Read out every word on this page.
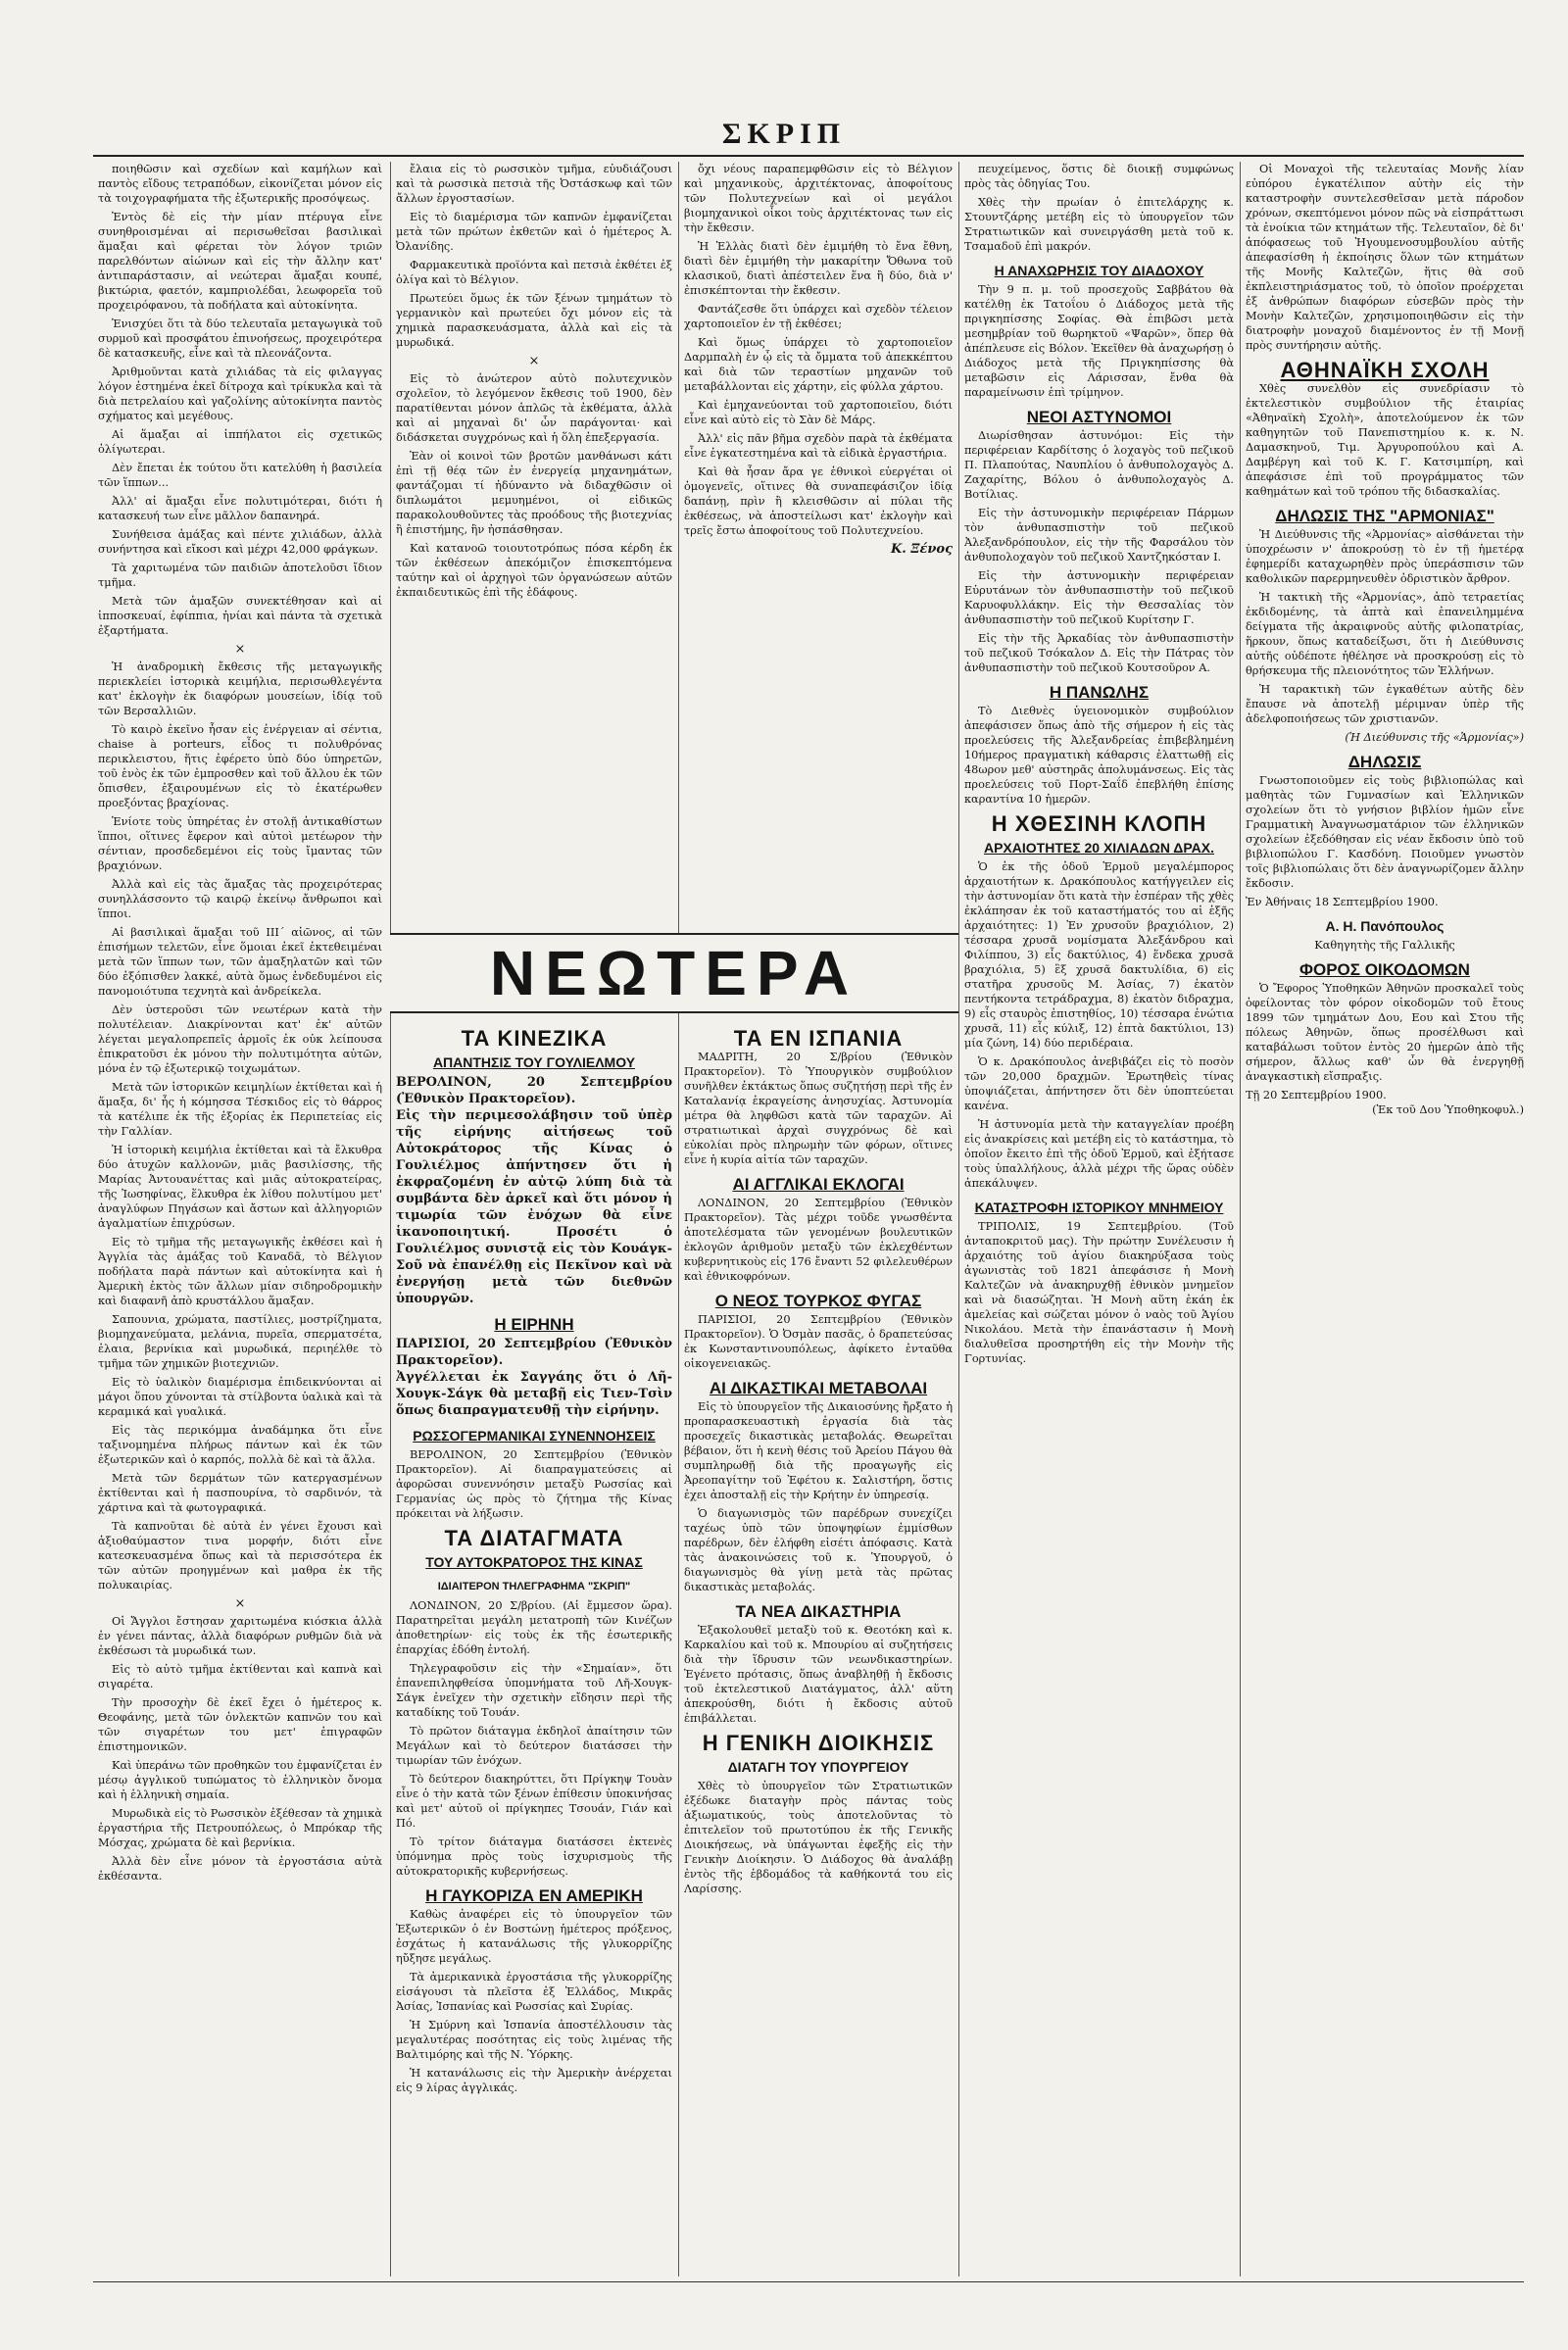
ΣΚΡΙΠ

ποιηθῶσιν καὶ σχεδίων καὶ καμήλων καὶ παντὸς εἴδους τετραπόδων, εἰκονίζεται μόνον εἰς τὰ τοιχογραφήματα τῆς ἐξωτερικῆς προσόψεως.

Ἐντὸς δὲ εἰς τὴν μίαν πτέρυγα εἶνε συνηθροισμέναι αἱ περισωθεῖσαι βασιλικαὶ ἅμαξαι καὶ φέρεται τὸν λόγον τριῶν παρελθόντων αἰώνων καὶ εἰς τὴν ἄλλην κατ' ἀντιπαράστασιν, αἱ νεώτεραι ἅμαξαι κουπέ, βικτώρια, φαετόν, καμπριολέδαι, λεωφορεῖα τοῦ προχειρόφανου, τὰ ποδήλατα καὶ αὐτοκίνητα.

Ἐνισχύει ὅτι τὰ δύο τελευταῖα μεταγωγικὰ τοῦ συρμοῦ καὶ προσφάτου ἐπινοήσεως, προχειρότερα δὲ κατασκευῆς, εἶνε καὶ τὰ πλεονάζοντα.

Ἀριθμοῦνται κατὰ χιλιάδας τὰ εἰς φιλαγγας λόγον ἐστημένα ἐκεῖ δίτροχα καὶ τρίκυκλα καὶ τὰ διὰ πετρελαίου καὶ γαζολίνης αὐτοκίνητα παντὸς σχήματος καὶ μεγέθους.

Αἱ ἅμαξαι αἱ ἱππήλατοι εἰς σχετικῶς ὀλίγωτεραι.

Δὲν ἔπεται ἐκ τούτου ὅτι κατελύθη ἡ βασιλεία τῶν ἵππων...

Ἀλλ' αἱ ἅμαξαι εἶνε πολυτιμότεραι, διότι ἡ κατασκευή των εἶνε μᾶλλον δαπανηρά.

Συνήθεισα ἁμάξας καὶ πέντε χιλιάδων, ἀλλὰ συνήντησα καὶ εἴκοσι καὶ μέχρι 42,000 φράγκων.

Τὰ χαριτωμένα τῶν παιδιῶν ἀποτελοῦσι ἴδιον τμῆμα.

Μετὰ τῶν ἁμαξῶν συνεκτέθησαν καὶ αἱ ἱπποσκευαί, ἐφίππια, ἡνίαι καὶ πάντα τὰ σχετικὰ ἐξαρτήματα.

×

Ἡ ἀναδρομικὴ ἔκθεσις τῆς μεταγωγικῆς περιεκλείει ἱστορικὰ κειμήλια, περισωθλεγέντα κατ' ἐκλογὴν ἐκ διαφόρων μουσείων, ἰδίᾳ τοῦ τῶν Βερσαλλιῶν.

Τὸ καιρὸ ἐκεῖνο ἦσαν εἰς ἐνέργειαν αἱ σέντια, chaise à porteurs, εἶδος τι πολυθρόνας περικλειστου, ἥτις ἐφέρετο ὑπὸ δύο ὑπηρετῶν, τοῦ ἑνὸς ἐκ τῶν ἐμπροσθεν καὶ τοῦ ἄλλου ἐκ τῶν ὄπισθεν, ἐξαιρουμένων εἰς τὸ ἑκατέρωθεν προεξόντας βραχίονας.

Ἐνίοτε τοὺς ὑπηρέτας ἐν στολῇ ἀντικαθίστων ἵπποι, οἵτινες ἔφερον καὶ αὐτοὶ μετέωρον τὴν σέντιαν, προσδεδεμένοι εἰς τοὺς ἴμαντας τῶν βραχιόνων.

Ἀλλὰ καὶ εἰς τὰς ἅμαξας τὰς προχειρότερας συνηλλάσσοντο τῷ καιρῷ ἐκείνῳ ἄνθρωποι καὶ ἵπποι.

Αἱ βασιλικαὶ ἅμαξαι τοῦ ΙΙΙ΄ αἰῶνος, αἱ τῶν ἐπισήμων τελετῶν, εἶνε ὅμοιαι ἐκεῖ ἐκτεθειμέναι μετὰ τῶν ἵππων των, τῶν ἀμαξηλατῶν καὶ τῶν δύο ἐξόπισθεν λακκέ, αὐτὰ ὅμως ἐνδεδυμένοι εἰς πανομοιότυπα τεχνητὰ καὶ ἀνδρείκελα.

Δὲν ὑστεροῦσι τῶν νεωτέρων κατὰ τὴν πολυτέλειαν. Διακρίνονται κατ' ἐκ' αὐτῶν λέγεται μεγαλοπρεπεῖς ἁρμοῖς ἐκ οὐκ λείπουσα ἐπικρατοῦσι ἐκ μόνου τὴν πολυτιμότητα αὐτῶν, μόνα ἐν τῷ ἐξωτερικῷ τοιχωμάτων.

Μετὰ τῶν ἱστορικῶν κειμηλίων ἐκτίθεται καὶ ἡ ἅμαξα, δι' ἧς ἡ κόμησσα Τέσκιδος εἰς τὸ θάρρος τὰ κατέλιπε ἐκ τῆς ἐξορίας ἐκ Περιπετείας εἰς τὴν Γαλλίαν.

Ἡ ἱστορικὴ κειμήλια ἐκτίθεται καὶ τὰ ἔλκυθρα δύο ἀτυχῶν καλλονῶν, μιᾶς βασιλίσσης, τῆς Μαρίας Ἀντουανέττας καὶ μιᾶς αὐτοκρατείρας, τῆς Ἰωσηφίνας, ἕλκυθρα ἐκ λίθου πολυτίμου μετ' ἀναγλύφων Πηγάσων καὶ ἄστων καὶ ἀλληγοριῶν ἀγαλματίων ἐπιχρύσων.

Εἰς τὸ τμῆμα τῆς μεταγωγικῆς ἐκθέσει καὶ ἡ Ἀγγλία τὰς ἁμάξας τοῦ Καναδᾶ, τὸ Βέλγιον ποδήλατα παρὰ πάντων καὶ αὐτοκίνητα καὶ ἡ Ἀμερικὴ ἐκτὸς τῶν ἄλλων μίαν σιδηροδρομικὴν καὶ διαφανῆ ἀπὸ κρυστάλλου ἅμαξαν.

Σαπουνια, χρώματα, παστίλιες, μοστρίζηματα, βιομηχανεύματα, μελάνια, πυρεῖα, σπερματσέτα, ἐλαια, βερνίκια καὶ μυρωδικά, περιηέλθε τὸ τμῆμα τῶν χημικῶν βιοτεχνιῶν.

Εἰς τὸ ὑαλικὸν διαμέρισμα ἐπιδεικνύονται αἱ μάγοι ὅπου χύνονται τὰ στίλβοντα ὑαλικὰ καὶ τὰ κεραμικά καὶ γυαλικά.

Εἰς τὰς περικόμμα ἀναδάμηκα ὅτι εἶνε ταξινομημένα πλήρως πάντων καὶ ἐκ τῶν ἐξωτερικῶν καὶ ὁ καρπός, πολλὰ δὲ καὶ τὰ ἄλλα.

Μετὰ τῶν δερμάτων τῶν κατεργασμένων ἐκτίθενται καὶ ἡ πασπουρίνα, τὸ σαρδινόν, τὰ χάρτινα καὶ τὰ φωτογραφικά.

Τὰ καπνοῦται δὲ αὐτὰ ἐν γένει ἔχουσι καὶ ἀξιοθαύμαστον τινα μορφήν, διότι εἶνε κατεσκευασμένα ὅπως καὶ τὰ περισσότερα ἐκ τῶν αὐτῶν προηγμένων καὶ μαθρα ἐκ τῆς πολυκαιρίας.

×

Οἱ Ἄγγλοι ἔστησαν χαριτωμένα κιόσκια ἀλλὰ ἐν γένει πάντας, ἀλλὰ διαφόρων ρυθμῶν διὰ νὰ ἐκθέσωσι τὰ μυρωδικά των.

Εἰς τὸ αὐτὸ τμῆμα ἐκτίθενται καὶ καπνὰ καὶ σιγαρέτα.

Τὴν προσοχὴν δὲ ἐκεῖ ἔχει ὁ ἡμέτερος κ. Θεοφάνης, μετὰ τῶν ὀνλεκτῶν καπνῶν του καὶ τῶν σιγαρέτων του μετ' ἐπιγραφῶν ἐπιστημονικῶν.

Καὶ ὑπεράνω τῶν προθηκῶν του ἐμφανίζεται ἐν μέσῳ ἀγγλικοῦ τυπώματος τὸ ἑλληνικὸν ὄνομα καὶ ἡ ἑλληνικὴ σημαία.

Μυρωδικὰ εἰς τὸ Ρωσσικὸν ἐξέθεσαν τὰ χημικὰ ἐργαστήρια τῆς Πετρουπόλεως, ὁ Μπρόκαρ τῆς Μόσχας, χρώματα δὲ καὶ βερνίκια.

Ἀλλὰ δὲν εἶνε μόνον τὰ ἐργοστάσια αὐτὰ ἐκθέσαντα.

ἔλαια εἰς τὸ ρωσσικὸν τμῆμα, εὐυδιάζουσι καὶ τὰ ρωσσικὰ πετσιὰ τῆς Ὀστάσκωφ καὶ τῶν ἄλλων ἐργοστασίων.

Εἰς τὸ διαμέρισμα τῶν καπνῶν ἐμφανίζεται μετὰ τῶν πρώτων ἐκθετῶν καὶ ὁ ἡμέτερος Ἀ. Ὀλανίδης.

Φαρμακευτικὰ προϊόντα καὶ πετσιὰ ἐκθέτει ἐξ ὀλίγα καὶ τὸ Βέλγιον.

Πρωτεύει ὅμως ἐκ τῶν ξένων τμημάτων τὸ γερμανικὸν καὶ πρωτεύει ὄχι μόνον εἰς τὰ χημικὰ παρασκευάσματα, ἀλλὰ καὶ εἰς τὰ μυρωδικά.

×

Εἰς τὸ ἀνώτερον αὐτὸ πολυτεχνικὸν σχολεῖον, τὸ λεγόμενον ἔκθεσις τοῦ 1900, δὲν παρατίθενται μόνον ἁπλῶς τὰ ἐκθέματα, ἀλλὰ καὶ αἱ μηχαναὶ δι' ὧν παράγονται· καὶ διδάσκεται συγχρόνως καὶ ἡ ὅλη ἐπεξεργασία.

Ἐὰν οἱ κοινοὶ τῶν βροτῶν μανθάνωσι κάτι ἐπὶ τῇ θέᾳ τῶν ἐν ἐνεργείᾳ μηχανημάτων, φαντάζομαι τί ἠδύναντο νὰ διδαχθῶσιν οἱ διπλωμάτοι μεμυημένοι, οἱ εἰδικῶς παρακολουθοῦντες τὰς προόδους τῆς βιοτεχνίας ἢ ἐπιστήμης, ἣν ἠσπάσθησαν.

Καὶ κατανοῶ τοιουτοτρόπως πόσα κέρδη ἐκ τῶν ἐκθέσεων ἀπεκόμιζον ἐπισκεπτόμενα ταύτην καὶ οἱ ἀρχηγοὶ τῶν ὀργανώσεων αὐτῶν ἐκπαιδευτικῶς ἐπὶ τῆς ἑδάφους.

ΤΑ ΚΙΝΕΖΙΚΑ
ΑΠΑΝΤΗΣΙΣ ΤΟΥ ΓΟΥΛΙΕΛΜΟΥ
ΒΕΡΟΛΙΝΟΝ, 20 Σεπτεμβρίου (Ἐθνικὸν Πρακτορεῖον).
Εἰς τὴν περιμεσολάβησιν τοῦ ὑπὲρ τῆς εἰρήνης αἰτήσεως τοῦ Αὐτοκράτορος τῆς Κίνας ὁ Γουλιέλμος ἀπήντησεν ὅτι ἡ ἐκφραζομένη ἐν αὐτῷ λύπη διὰ τὰ συμβάντα δὲν ἀρκεῖ καὶ ὅτι μόνον ἡ τιμωρία τῶν ἐνόχων θὰ εἶνε ἱκανοποιητική. Προσέτι ὁ Γουλιέλμος συνιστᾷ εἰς τὸν Κουάγκ-Σοῦ νὰ ἐπανέλθῃ εἰς Πεκῖνον καὶ νὰ ἐνεργήσῃ μετὰ τῶν διεθνῶν ὑπουργῶν.
Η ΕΙΡΗΝΗ
ΠΑΡΙΣΙΟΙ, 20 Σεπτεμβρίου (Ἐθνικὸν Πρακτορεῖον).
Ἀγγέλλεται ἐκ Σαγγάης ὅτι ὁ Λῆ-Χουγκ-Σάγκ θὰ μεταβῇ εἰς Τιεν-Τσὶν ὅπως διαπραγματευθῇ τὴν εἰρήνην.
ΡΩΣΣΟΓΕΡΜΑΝΙΚΑΙ ΣΥΝΕΝΝΟΗΣΕΙΣ

ΒΕΡΟΛΙΝΟΝ, 20 Σεπτεμβρίου (Ἐθνικὸν Πρακτορεῖον). Αἱ διαπραγματεύσεις αἱ ἀφορῶσαι συνεννόησιν μεταξὺ Ρωσσίας καὶ Γερμανίας ὡς πρὸς τὸ ζήτημα τῆς Κίνας πρόκειται νὰ λήξωσιν.

ΤΑ ΔΙΑΤΑΓΜΑΤΑ
ΤΟΥ ΑΥΤΟΚΡΑΤΟΡΟΣ ΤΗΣ ΚΙΝΑΣ
ΙΔΙΑΙΤΕΡΟΝ ΤΗΛΕΓΡΑΦΗΜΑ "ΣΚΡΙΠ"

ΛΟΝΔΙΝΟΝ, 20 Σ/βρίου. (Αἱ ἔμμεσον ὥρα). Παρατηρεῖται μεγάλη μετατροπὴ τῶν Κινέζων ἀποθετηρίων· εἰς τοὺς ἐκ τῆς ἐσωτερικῆς ἐπαρχίας ἐδόθη ἐντολή.

Τηλεγραφοῦσιν εἰς τὴν «Σημαίαν», ὅτι ἐπανεπιληφθείσα ὑπομνήματα τοῦ Λῆ-Χουγκ-Σάγκ ἐνεῖχεν τὴν σχετικὴν εἴδησιν περὶ τῆς καταδίκης τοῦ Τουάν.

Τὸ πρῶτον διάταγμα ἐκδηλοῖ ἀπαίτησιν τῶν Μεγάλων καὶ τὸ δεύτερον διατάσσει τὴν τιμωρίαν τῶν ἐνόχων.

Τὸ δεύτερον διακηρύττει, ὅτι Πρίγκηψ Τουὰν εἶνε ὁ τὴν κατὰ τῶν ξένων ἐπίθεσιν ὑποκινήσας καὶ μετ' αὐτοῦ οἱ πρίγκηπες Τσουάν, Γιάν καὶ Πό.

Τὸ τρίτον διάταγμα διατάσσει ἐκτενὲς ὑπόμνημα πρὸς τοὺς ἰσχυρισμοὺς τῆς αὐτοκρατορικῆς κυβερνήσεως.

Η ΓΑΥΚΟΡΙΖΑ ΕΝ ΑΜΕΡΙΚΗ

Καθὼς ἀναφέρει εἰς τὸ ὑπουργεῖον τῶν Ἐξωτερικῶν ὁ ἐν Βοστώνῃ ἡμέτερος πρόξενος, ἐσχάτως ἡ κατανάλωσις τῆς γλυκορρίζης ηὔξησε μεγάλως.

Τὰ ἀμερικανικὰ ἐργοστάσια τῆς γλυκορρίζης εἰσάγουσι τὰ πλεῖστα ἐξ Ἑλλάδος, Μικρᾶς Ἀσίας, Ἰσπανίας καὶ Ρωσσίας καὶ Συρίας.

Ἡ Σμύρνη καὶ Ἰσπανία ἀποστέλλουσιν τὰς μεγαλυτέρας ποσότητας εἰς τοὺς λιμένας τῆς Βαλτιμόρης καὶ τῆς Ν. Ὑόρκης.

Ἡ κατανάλωσις εἰς τὴν Ἀμερικὴν ἀνέρχεται εἰς 9 λίρας ἀγγλικάς.

ὄχι νέους παραπεμφθῶσιν εἰς τὸ Βέλγιον καὶ μηχανικοὺς, ἀρχιτέκτονας, ἀποφοίτους τῶν Πολυτεχνείων καὶ οἱ μεγάλοι βιομηχανικοὶ οἶκοι τοὺς ἀρχιτέκτονας των εἰς τὴν ἔκθεσιν.

Ἡ Ἑλλὰς διατὶ δὲν ἐμιμήθη τὸ ἔνα ἔθνη, διατὶ δὲν ἐμιμήθη τὴν μακαρίτην Ὄθωνα τοῦ κλασικοῦ, διατὶ ἀπέστειλεν ἕνα ἢ δύο, διὰ ν' ἐπισκέπτονται τὴν ἔκθεσιν.

Φαντάζεσθε ὅτι ὑπάρχει καὶ σχεδὸν τέλειον χαρτοποιεῖον ἐν τῇ ἐκθέσει;

Καὶ ὅμως ὑπάρχει τὸ χαρτοποιεῖον Δαρμπαλὴ ἐν ᾧ εἰς τὰ ὄμματα τοῦ ἀπεκκέπτου καὶ διὰ τῶν τεραστίων μηχανῶν τοῦ μεταβάλλονται εἰς χάρτην, εἰς φύλλα χάρτου.

Καὶ ἐμηχανεύονται τοῦ χαρτοποιεῖου, διότι εἶνε καὶ αὐτὸ εἰς τὸ Σὰν δὲ Μάρς.

Ἀλλ' εἰς πᾶν βῆμα σχεδὸν παρὰ τὰ ἐκθέματα εἶνε ἐγκατεστημένα καὶ τὰ εἰδικὰ ἐργαστήρια.

Καὶ θὰ ἦσαν ἄρα γε ἐθνικοὶ εὐεργέται οἱ ὁμογενεῖς, οἵτινες θὰ συναπεφάσιζον ἰδίᾳ δαπάνῃ, πρὶν ἢ κλεισθῶσιν αἱ πύλαι τῆς ἐκθέσεως, νὰ ἀποστείλωσι κατ' ἐκλογὴν καὶ τρεῖς ἔστω ἀποφοίτους τοῦ Πολυτεχνείου.

Κ. Ξένος
ΤΑ ΕΝ ΙΣΠΑΝΙΑ

ΜΑΔΡΙΤΗ, 20 Σ/βρίου (Ἐθνικὸν Πρακτορεῖον). Τὸ Ὑπουργικὸν συμβούλιον συνῆλθεν ἐκτάκτως ὅπως συζητήσῃ περὶ τῆς ἐν Καταλανίᾳ ἐκραγείσης ἀνησυχίας. Ἀστυνομία μέτρα θὰ ληφθῶσι κατὰ τῶν ταραχῶν. Αἱ στρατιωτικαὶ ἀρχαὶ συγχρόνως δὲ καὶ εὐκολίαι πρὸς πληρωμὴν τῶν φόρων, οἵτινες εἶνε ἡ κυρία αἰτία τῶν ταραχῶν.

ΑΙ ΑΓΓΛΙΚΑΙ ΕΚΛΟΓΑΙ

ΛΟΝΔΙΝΟΝ, 20 Σεπτεμβρίου (Ἐθνικὸν Πρακτορεῖον). Τὰς μέχρι τοῦδε γνωσθέντα ἀποτελέσματα τῶν γενομένων βουλευτικῶν ἐκλογῶν ἀριθμοῦν μεταξὺ τῶν ἐκλεχθέντων κυβερνητικοὺς εἰς 176 ἔναντι 52 φιλελευθέρων καὶ ἐθνικοφρόνων.

Ο ΝΕΟΣ ΤΟΥΡΚΟΣ ΦΥΓΑΣ

ΠΑΡΙΣΙΟΙ, 20 Σεπτεμβρίου (Ἐθνικὸν Πρακτορεῖον). Ὁ Ὀσμὰν πασᾶς, ὁ δραπετεύσας ἐκ Κωνσταντινουπόλεως, ἀφίκετο ἐνταῦθα οἰκογενειακῶς.

ΑΙ ΔΙΚΑΣΤΙΚΑΙ ΜΕΤΑΒΟΛΑΙ

Εἰς τὸ ὑπουργεῖον τῆς Δικαιοσύνης ἤρξατο ἡ προπαρασκευαστικὴ ἐργασία διὰ τὰς προσεχεῖς δικαστικὰς μεταβολάς. Θεωρεῖται βέβαιον, ὅτι ἡ κενὴ θέσις τοῦ Ἀρείου Πάγου θὰ συμπληρωθῇ διὰ τῆς προαγωγῆς εἰς Ἀρεοπαγίτην τοῦ Ἐφέτου κ. Σαλιστήρη, ὅστις ἐχει ἀποσταλῇ εἰς τὴν Κρήτην ἐν ὑπηρεσίᾳ.

Ὁ διαγωνισμὸς τῶν παρέδρων συνεχίζει ταχέως ὑπὸ τῶν ὑποψηφίων ἐμμίσθων παρέδρων, δὲν ἐλήφθη εἰσέτι ἀπόφασις. Κατὰ τὰς ἀνακοινώσεις τοῦ κ. Ὑπουργοῦ, ὁ διαγωνισμὸς θὰ γίνῃ μετὰ τὰς πρῶτας δικαστικὰς μεταβολάς.

ΤΑ ΝΕΑ ΔΙΚΑΣΤΗΡΙΑ

Ἐξακολουθεῖ μεταξὺ τοῦ κ. Θεοτόκη καὶ κ. Καρκαλίου καὶ τοῦ κ. Μπουρίου αἱ συζητήσεις διὰ τὴν ἵδρυσιν τῶν νεωνδικαστηρίων. Ἐγένετο πρότασις, ὅπως ἀναβληθῇ ἡ ἔκδοσις τοῦ ἐκτελεστικοῦ Διατάγματος, ἀλλ' αὕτη ἀπεκρούσθη, διότι ἡ ἔκδοσις αὐτοῦ ἐπιβάλλεται.

Η ΓΕΝΙΚΗ ΔΙΟΙΚΗΣΙΣ
ΔΙΑΤΑΓΗ ΤΟΥ ΥΠΟΥΡΓΕΙΟΥ

Χθὲς τὸ ὑπουργεῖον τῶν Στρατιωτικῶν ἐξέδωκε διαταγὴν πρὸς πάντας τοὺς ἀξιωματικούς, τοὺς ἀποτελοῦντας τὸ ἐπιτελεῖον τοῦ πρωτοτύπου ἐκ τῆς Γενικῆς Διοικήσεως, νὰ ὑπάγωνται ἐφεξῆς εἰς τὴν Γενικὴν Διοίκησιν. Ὁ Διάδοχος θὰ ἀναλάβῃ ἐντὸς τῆς ἑβδομάδος τὰ καθήκοντά του εἰς Λαρίσσης.

πευχείμενος, ὅστις δὲ διοικῇ συμφώνως πρὸς τὰς ὁδηγίας Του.

Χθὲς τὴν πρωίαν ὁ ἐπιτελάρχης κ. Στουντζάρης μετέβη εἰς τὸ ὑπουργεῖον τῶν Στρατιωτικῶν καὶ συνειργάσθη μετὰ τοῦ κ. Τσαμαδοῦ ἐπὶ μακρόν.

Η ΑΝΑΧΩΡΗΣΙΣ ΤΟΥ ΔΙΑΔΟΧΟΥ

Τὴν 9 π. μ. τοῦ προσεχοῦς Σαββάτου θὰ κατέλθῃ ἐκ Τατοΐου ὁ Διάδοχος μετὰ τῆς πριγκηπίσσης Σοφίας. Θὰ ἐπιβῶσι μετὰ μεσημβρίαν τοῦ θωρηκτοῦ «Ψαρῶν», ὅπερ θὰ ἀπέπλευσε εἰς Βόλον. Ἐκεῖθεν θὰ ἀναχωρήσῃ ὁ Διάδοχος μετὰ τῆς Πριγκηπίσσης θὰ μεταβῶσιν εἰς Λάρισσαν, ἔνθα θὰ παραμείνωσιν ἐπὶ τρίμηνον.

ΝΕΟΙ ΑΣΤΥΝΟΜΟΙ

Διωρίσθησαν ἀστυνόμοι: Εἰς τὴν περιφέρειαν Καρδίτσης ὁ λοχαγὸς τοῦ πεζικοῦ Π. Πλαπούτας, Ναυπλίου ὁ ἀνθυπολοχαγὸς Δ. Ζαχαρίτης, Βόλου ὁ ἀνθυπολοχαγὸς Δ. Βοτίλιας.

Εἰς τὴν ἀστυνομικὴν περιφέρειαν Πάρμων τὸν ἀνθυπασπιστὴν τοῦ πεζικοῦ Ἀλεξανδρόπουλον, εἰς τὴν τῆς Φαρσάλου τὸν ἀνθυπολοχαγὸν τοῦ πεζικοῦ Χαντζηκόσταν Ι.

Εἰς τὴν ἀστυνομικὴν περιφέρειαν Εὐρυτάνων τὸν ἀνθυπασπιστὴν τοῦ πεζικοῦ Καρυοφυλλάκην. Εἰς τὴν Θεσσαλίας τὸν ἀνθυπασπιστὴν τοῦ πεζικοῦ Κυρίτσην Γ.

Εἰς τὴν τῆς Ἀρκαδίας τὸν ἀνθυπασπιστὴν τοῦ πεζικοῦ Τσόκαλον Δ. Εἰς τὴν Πάτρας τὸν ἀνθυπασπιστὴν τοῦ πεζικοῦ Κουτσοῦρον Α.

Η ΠΑΝΩΛΗΣ

Τὸ Διεθνὲς ὑγειονομικὸν συμβούλιον ἀπεφάσισεν ὅπως ἀπὸ τῆς σήμερον ἡ εἰς τὰς προελεύσεις τῆς Ἀλεξανδρείας ἐπιβεβλημένη 10ήμερος πραγματικὴ κάθαρσις ἐλαττωθῇ εἰς 48ωρον μεθ' αὐστηρᾶς ἀπολυμάνσεως. Εἰς τὰς προελεύσεις τοῦ Πορτ-Σαΐδ ἐπεβλήθη ἐπίσης καραντίνα 10 ἡμερῶν.

Η ΧΘΕΣΙΝΗ ΚΛΟΠΗ
ΑΡΧΑΙΟΤΗΤΕΣ 20 ΧΙΛΙΑΔΩΝ ΔΡΑΧ.

Ὁ ἐκ τῆς ὁδοῦ Ἑρμοῦ μεγαλέμπορος ἀρχαιοτήτων κ. Δρακόπουλος κατήγγειλεν εἰς τὴν ἀστυνομίαν ὅτι κατὰ τὴν ἑσπέραν τῆς χθὲς ἐκλάπησαν ἐκ τοῦ καταστήματός του αἱ ἑξῆς ἀρχαιότητες: 1) Ἐν χρυσοῦν βραχιόλιον, 2) τέσσαρα χρυσᾶ νομίσματα Ἀλεξάνδρου καὶ Φιλίππου, 3) εἷς δακτύλιος, 4) ἕνδεκα χρυσᾶ βραχιόλια, 5) ἓξ χρυσᾶ δακτυλίδια, 6) εἰς στατῆρα χρυσοῦς Μ. Ἀσίας, 7) ἑκατὸν πεντήκοντα τετράδραχμα, 8) ἐκατὸν διδραχμα, 9) εἷς σταυρὸς ἐπιστηθίος, 10) τέσσαρα ἐνώτια χρυσᾶ, 11) εἷς κύλιξ, 12) ἑπτὰ δακτύλιοι, 13) μία ζώνη, 14) δύο περιδέραια.

Ὁ κ. Δρακόπουλος ἀνεβιβάζει εἰς τὸ ποσὸν τῶν 20,000 δραχμῶν. Ἐρωτηθεὶς τίνας ὑποψιάζεται, ἀπήντησεν ὅτι δὲν ὑποπτεύεται κανένα.

Ἡ ἀστυνομία μετὰ τὴν καταγγελίαν προέβη εἰς ἀνακρίσεις καὶ μετέβη εἰς τὸ κατάστημα, τὸ ὁποῖον ἔκειτο ἐπὶ τῆς ὁδοῦ Ἑρμοῦ, καὶ ἐξήτασε τοὺς ὑπαλλήλους, ἀλλὰ μέχρι τῆς ὥρας οὐδὲν ἀπεκάλυψεν.

ΚΑΤΑΣΤΡΟΦΗ ΙΣΤΟΡΙΚΟΥ ΜΝΗΜΕΙΟΥ

ΤΡΙΠΟΛΙΣ, 19 Σεπτεμβρίου. (Τοῦ ἀνταποκριτοῦ μας). Τὴν πρώτην Συνέλευσιν ἡ ἀρχαιότης τοῦ ἁγίου διακηρύξασα τοὺς ἀγωνιστὰς τοῦ 1821 ἀπεφάσισε ἡ Μονὴ Καλτεζῶν νὰ ἀνακηρυχθῇ ἐθνικὸν μνημεῖον καὶ νὰ διασώζηται. Ἡ Μονὴ αὕτη ἐκάη ἐκ ἀμελείας καὶ σώζεται μόνον ὁ ναὸς τοῦ Ἁγίου Νικολάου. Μετὰ τὴν ἐπανάστασιν ἡ Μονὴ διαλυθεῖσα προσηρτήθη εἰς τὴν Μονὴν τῆς Γορτυνίας.

Οἱ Μοναχοὶ τῆς τελευταίας Μονῆς λίαν εὐπόρου ἐγκατέλιπον αὐτὴν εἰς τὴν καταστροφὴν συντελεσθεῖσαν μετὰ πάροδον χρόνων, σκεπτόμενοι μόνον πῶς νὰ εἰσπράττωσι τὰ ἐνοίκια τῶν κτημάτων τῆς. Τελευταῖον, δὲ δι' ἀπόφασεως τοῦ Ἡγουμενοσυμβουλίου αὐτῆς ἀπεφασίσθη ἡ ἐκποίησις ὅλων τῶν κτημάτων τῆς Μονῆς Καλτεζῶν, ἥτις θὰ σοῦ ἐκπλειστηριάσματος τοῦ, τὸ ὁποῖον προέρχεται ἐξ ἀνθρώπων διαφόρων εὐσεβῶν πρὸς τὴν Μονὴν Καλτεζῶν, χρησιμοποιηθῶσιν εἰς τὴν διατροφὴν μοναχοῦ διαμένοντος ἐν τῇ Μονῇ πρὸς συντήρησιν αὐτῆς.

ΑΘΗΝΑΪΚΗ ΣΧΟΛΗ

Χθὲς συνελθὸν εἰς συνεδρίασιν τὸ ἐκτελεστικὸν συμβούλιον τῆς ἑταιρίας «Ἀθηναϊκὴ Σχολὴ», ἀποτελούμενον ἐκ τῶν καθηγητῶν τοῦ Πανεπιστημίου κ. κ. Ν. Δαμασκηνοῦ, Τιμ. Ἀργυροπούλου καὶ Α. Δαμβέργη καὶ τοῦ Κ. Γ. Κατσιμπίρη, καὶ ἀπεφάσισε ἐπὶ τοῦ προγράμματος τῶν καθημάτων καὶ τοῦ τρόπου τῆς διδασκαλίας.

ΔΗΛΩΣΙΣ ΤΗΣ "ΑΡΜΟΝΙΑΣ"

Ἡ Διεύθυνσις τῆς «Ἁρμονίας» αἰσθάνεται τὴν ὑποχρέωσιν ν' ἀποκρούσῃ τὸ ἐν τῇ ἡμετέρᾳ ἐφημερίδι καταχωρηθὲν πρὸς ὑπεράσπισιν τῶν καθολικῶν παρερμηνευθὲν ὀδριστικὸν ἄρθρον.

Ἡ τακτικὴ τῆς «Ἁρμονίας», ἀπὸ τετραετίας ἐκδιδομένης, τὰ ἁπτὰ καὶ ἐπανειλημμένα δείγματα τῆς ἀκραιφνοῦς αὐτῆς φιλοπατρίας, ἥρκουν, ὅπως καταδείξωσι, ὅτι ἡ Διεύθυνσις αὐτῆς οὐδέποτε ἠθέλησε νὰ προσκρούσῃ εἰς τὸ θρήσκευμα τῆς πλειονότητος τῶν Ἑλλήνων.

Ἡ ταρακτικὴ τῶν ἐγκαθέτων αὐτῆς δὲν ἔπαυσε νὰ ἀποτελῇ μέριμναν ὑπὲρ τῆς ἀδελφοποιήσεως τῶν χριστιανῶν.

(Ἡ Διεύθυνσις τῆς «Ἁρμονίας»)
ΔΗΛΩΣΙΣ

Γνωστοποιοῦμεν εἰς τοὺς βιβλιοπώλας καὶ μαθητὰς τῶν Γυμνασίων καὶ Ἑλληνικῶν σχολείων ὅτι τὸ γνήσιον βιβλίον ἡμῶν εἶνε Γραμματικὴ Ἀναγνωσματάριον τῶν ἑλληνικῶν σχολείων ἐξεδόθησαν εἰς νέαν ἔκδοσιν ὑπὸ τοῦ βιβλιοπώλου Γ. Κασδόνη. Ποιοῦμεν γνωστὸν τοῖς βιβλιοπώλαις ὅτι δὲν ἀναγνωρίζομεν ἄλλην ἔκδοσιν.

Ἐν Ἀθήναις 18 Σεπτεμβρίου 1900.
Α. Η. Πανόπουλος
Καθηγητὴς τῆς Γαλλικῆς
ΦΟΡΟΣ ΟΙΚΟΔΟΜΩΝ

Ὁ Ἔφορος Ὑποθηκῶν Ἀθηνῶν προσκαλεῖ τοὺς ὀφείλοντας τὸν φόρον οἰκοδομῶν τοῦ ἔτους 1899 τῶν τμημάτων Δου, Εου καὶ Στου τῆς πόλεως Ἀθηνῶν, ὅπως προσέλθωσι καὶ καταβάλωσι τοῦτον ἐντὸς 20 ἡμερῶν ἀπὸ τῆς σήμερον, ἄλλως καθ' ὧν θὰ ἐνεργηθῇ ἀναγκαστικὴ εἴσπραξις.

Τῇ 20 Σεπτεμβρίου 1900.
(Ἐκ τοῦ Δου Ὑποθηκοφυλ.)
ΝΕΩΤΕΡΑ
